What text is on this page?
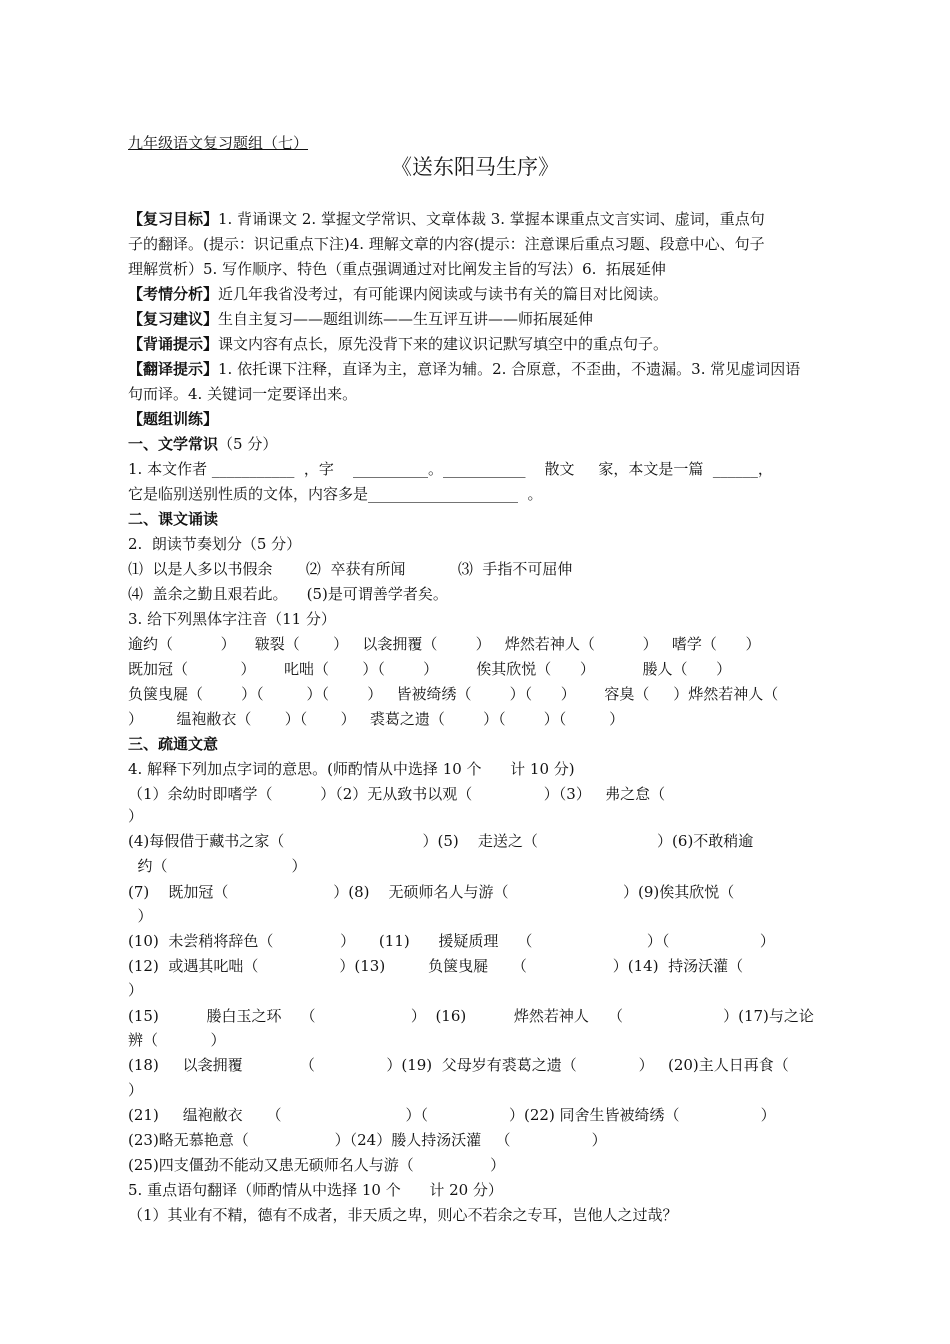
九年级语文复习题组（七）
《送东阳马生序》
【复习目标】1. 背诵课文 2. 掌握文学常识、文章体裁 3. 掌握本课重点文言实词、虚词，重点句
子的翻译。(提示：识记重点下注)4. 理解文章的内容(提示：注意课后重点习题、段意中心、句子
理解赏析）5. 写作顺序、特色（重点强调通过对比阐发主旨的写法）6.  拓展延伸
【考情分析】近几年我省没考过，有可能课内阅读或与读书有关的篇目对比阅读。
【复习建议】生自主复习——题组训练——生互评互讲——师拓展延伸
【背诵提示】课文内容有点长，原先没背下来的建议识记默写填空中的重点句子。
【翻译提示】1. 依托课下注释，直译为主，意译为辅。2. 合原意，不歪曲，不遗漏。3. 常见虚词因语
句而译。4. 关键词一定要译出来。
【题组训练】
一、文学常识（5 分）
1. 本文作者 ___________  ，字    __________。___________    散文     家，本文是一篇  ______，
它是临别送别性质的文体，内容多是____________________  。
二、课文诵读
2.  朗读节奏划分（5 分）
⑴  以是人多以书假余       ⑵  卒获有所闻           ⑶  手指不可屈伸
⑷  盖余之勤且艰若此。    (5)是可谓善学者矣。
3. 给下列黑体字注音（11 分）
逾约（          ）    皲裂（       ）   以衾拥覆（        ）   烨然若神人（          ）   嗜学（      ）
既加冠（           ）      叱咄（       ）（        ）        俟其欣悦（      ）          媵人（      ）
负箧曳屣（        ）（         ）（        ）   皆被绮绣（        ）（      ）      容臭（     ）烨然若神人（
）       缊袍敝衣（       ）（       ）   裘葛之遗（        ）（        ）（         ）
三、疏通文意
4. 解释下列加点字词的意思。(师酌情从中选择 10 个      计 10 分)
（1）余幼时即嗜学（          ）（2）无从致书以观（               ）（3）   弗之怠（
）
(4)每假借于藏书之家（                             ）(5)    走送之（                         ）(6)不敢稍逾
约（                          ）
(7)    既加冠（                      ）(8)    无硕师名人与游（                        ）(9)俟其欣悦（
）
(10)  未尝稍将辞色（              ）     (11)      援疑质理    （                        ）（                   ）
(12)  或遇其叱咄（                 ）(13)         负箧曳屣     （                  ）(14)  持汤沃灌（
）
(15)          媵白玉之环    （                    ）  (16)          烨然若神人    （                     ）(17)与之论
辨（           ）
(18)     以衾拥覆            （               ）(19)  父母岁有裘葛之遗（             ）   (20)主人日再食（
）
(21)     缊袍敝衣     （                          ）（                 ）(22) 同舍生皆被绮绣（                 ）
(23)略无慕艳意（                  ）（24）媵人持汤沃灌   （                 ）
(25)四支僵劲不能动又患无硕师名人与游（                ）
5. 重点语句翻译（师酌情从中选择 10 个      计 20 分）
（1）其业有不精，德有不成者，非天质之卑，则心不若余之专耳，岂他人之过哉？
